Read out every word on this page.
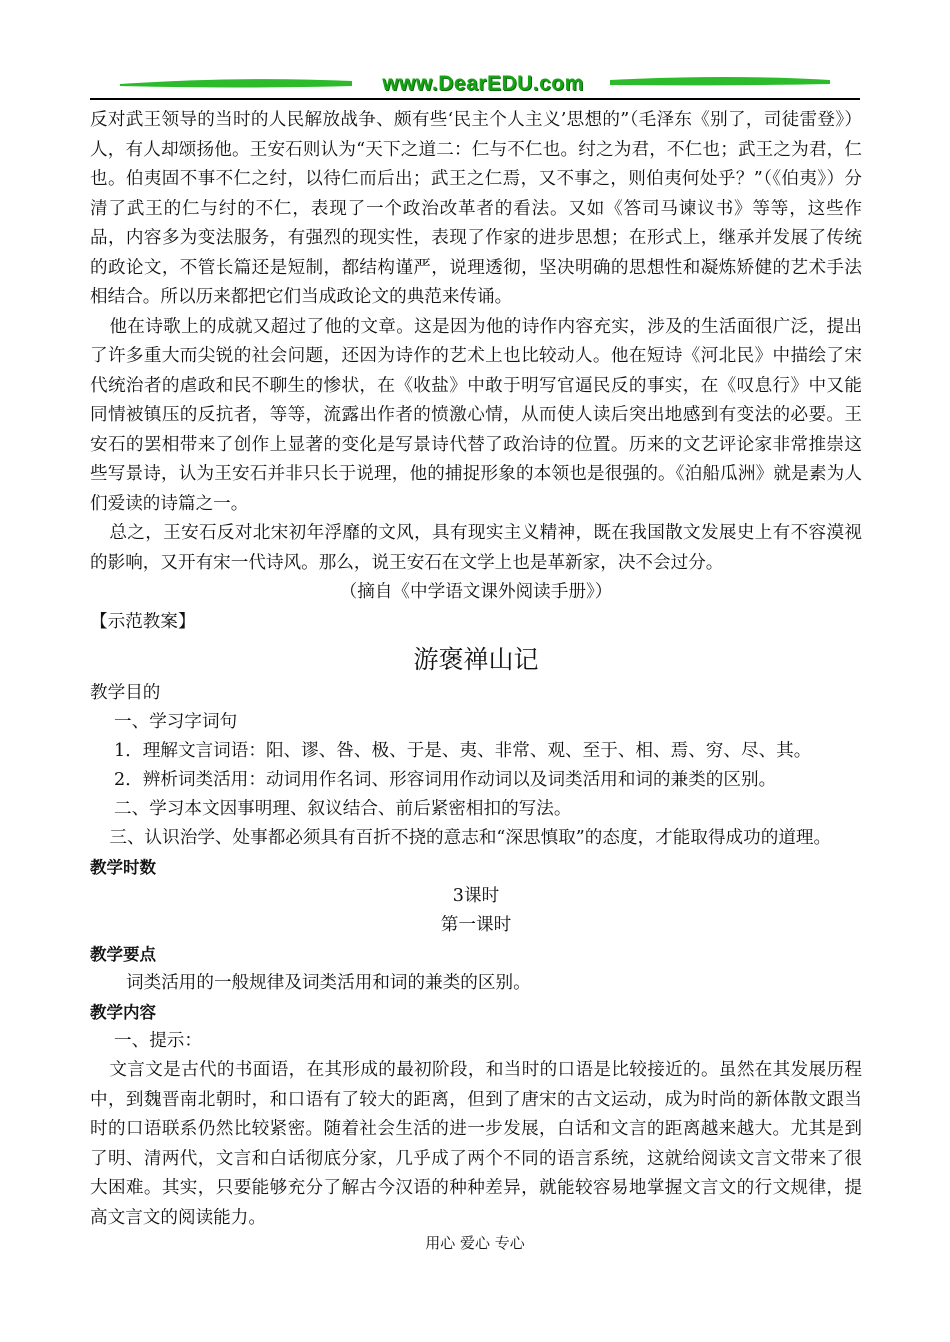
www.DearEDU.com

反对武王领导的当时的人民解放战争、颇有些‘民主个人主义’思想的”（毛泽东《别了，司徒雷登》）人，有人却颂扬他。王安石则认为“天下之道二：仁与不仁也。纣之为君，不仁也；武王之为君，仁也。伯夷固不事不仁之纣，以待仁而后出；武王之仁焉，又不事之，则伯夷何处乎？”（《伯夷》）分清了武王的仁与纣的不仁，表现了一个政治改革者的看法。又如《答司马谏议书》等等，这些作品，内容多为变法服务，有强烈的现实性，表现了作家的进步思想；在形式上，继承并发展了传统的政论文，不管长篇还是短制，都结构谨严，说理透彻，坚决明确的思想性和凝炼矫健的艺术手法相结合。所以历来都把它们当成政论文的典范来传诵。

他在诗歌上的成就又超过了他的文章。这是因为他的诗作内容充实，涉及的生活面很广泛，提出了许多重大而尖锐的社会问题，还因为诗作的艺术上也比较动人。他在短诗《河北民》中描绘了宋代统治者的虐政和民不聊生的惨状，在《收盐》中敢于明写官逼民反的事实，在《叹息行》中又能同情被镇压的反抗者，等等，流露出作者的愤激心情，从而使人读后突出地感到有变法的必要。王安石的罢相带来了创作上显著的变化是写景诗代替了政治诗的位置。历来的文艺评论家非常推崇这些写景诗，认为王安石并非只长于说理，他的捕捉形象的本领也是很强的。《泊船瓜洲》就是素为人们爱读的诗篇之一。

总之，王安石反对北宋初年浮靡的文风，具有现实主义精神，既在我国散文发展史上有不容漠视的影响，又开有宋一代诗风。那么，说王安石在文学上也是革新家，决不会过分。

（摘自《中学语文课外阅读手册》）

【示范教案】

游褒禅山记

教学目的

一、学习字词句

1．理解文言词语：阳、谬、咎、极、于是、夷、非常、观、至于、相、焉、穷、尽、其。

2．辨析词类活用：动词用作名词、形容词用作动词以及词类活用和词的兼类的区别。

二、学习本文因事明理、叙议结合、前后紧密相扣的写法。

三、认识治学、处事都必须具有百折不挠的意志和“深思慎取”的态度，才能取得成功的道理。

教学时数

3课时

第一课时

教学要点

词类活用的一般规律及词类活用和词的兼类的区别。

教学内容

一、提示：

文言文是古代的书面语，在其形成的最初阶段，和当时的口语是比较接近的。虽然在其发展历程中，到魏晋南北朝时，和口语有了较大的距离，但到了唐宋的古文运动，成为时尚的新体散文跟当时的口语联系仍然比较紧密。随着社会生活的进一步发展，白话和文言的距离越来越大。尤其是到了明、清两代，文言和白话彻底分家，几乎成了两个不同的语言系统，这就给阅读文言文带来了很大困难。其实，只要能够充分了解古今汉语的种种差异，就能较容易地掌握文言文的行文规律，提高文言文的阅读能力。

用心 爱心 专心
